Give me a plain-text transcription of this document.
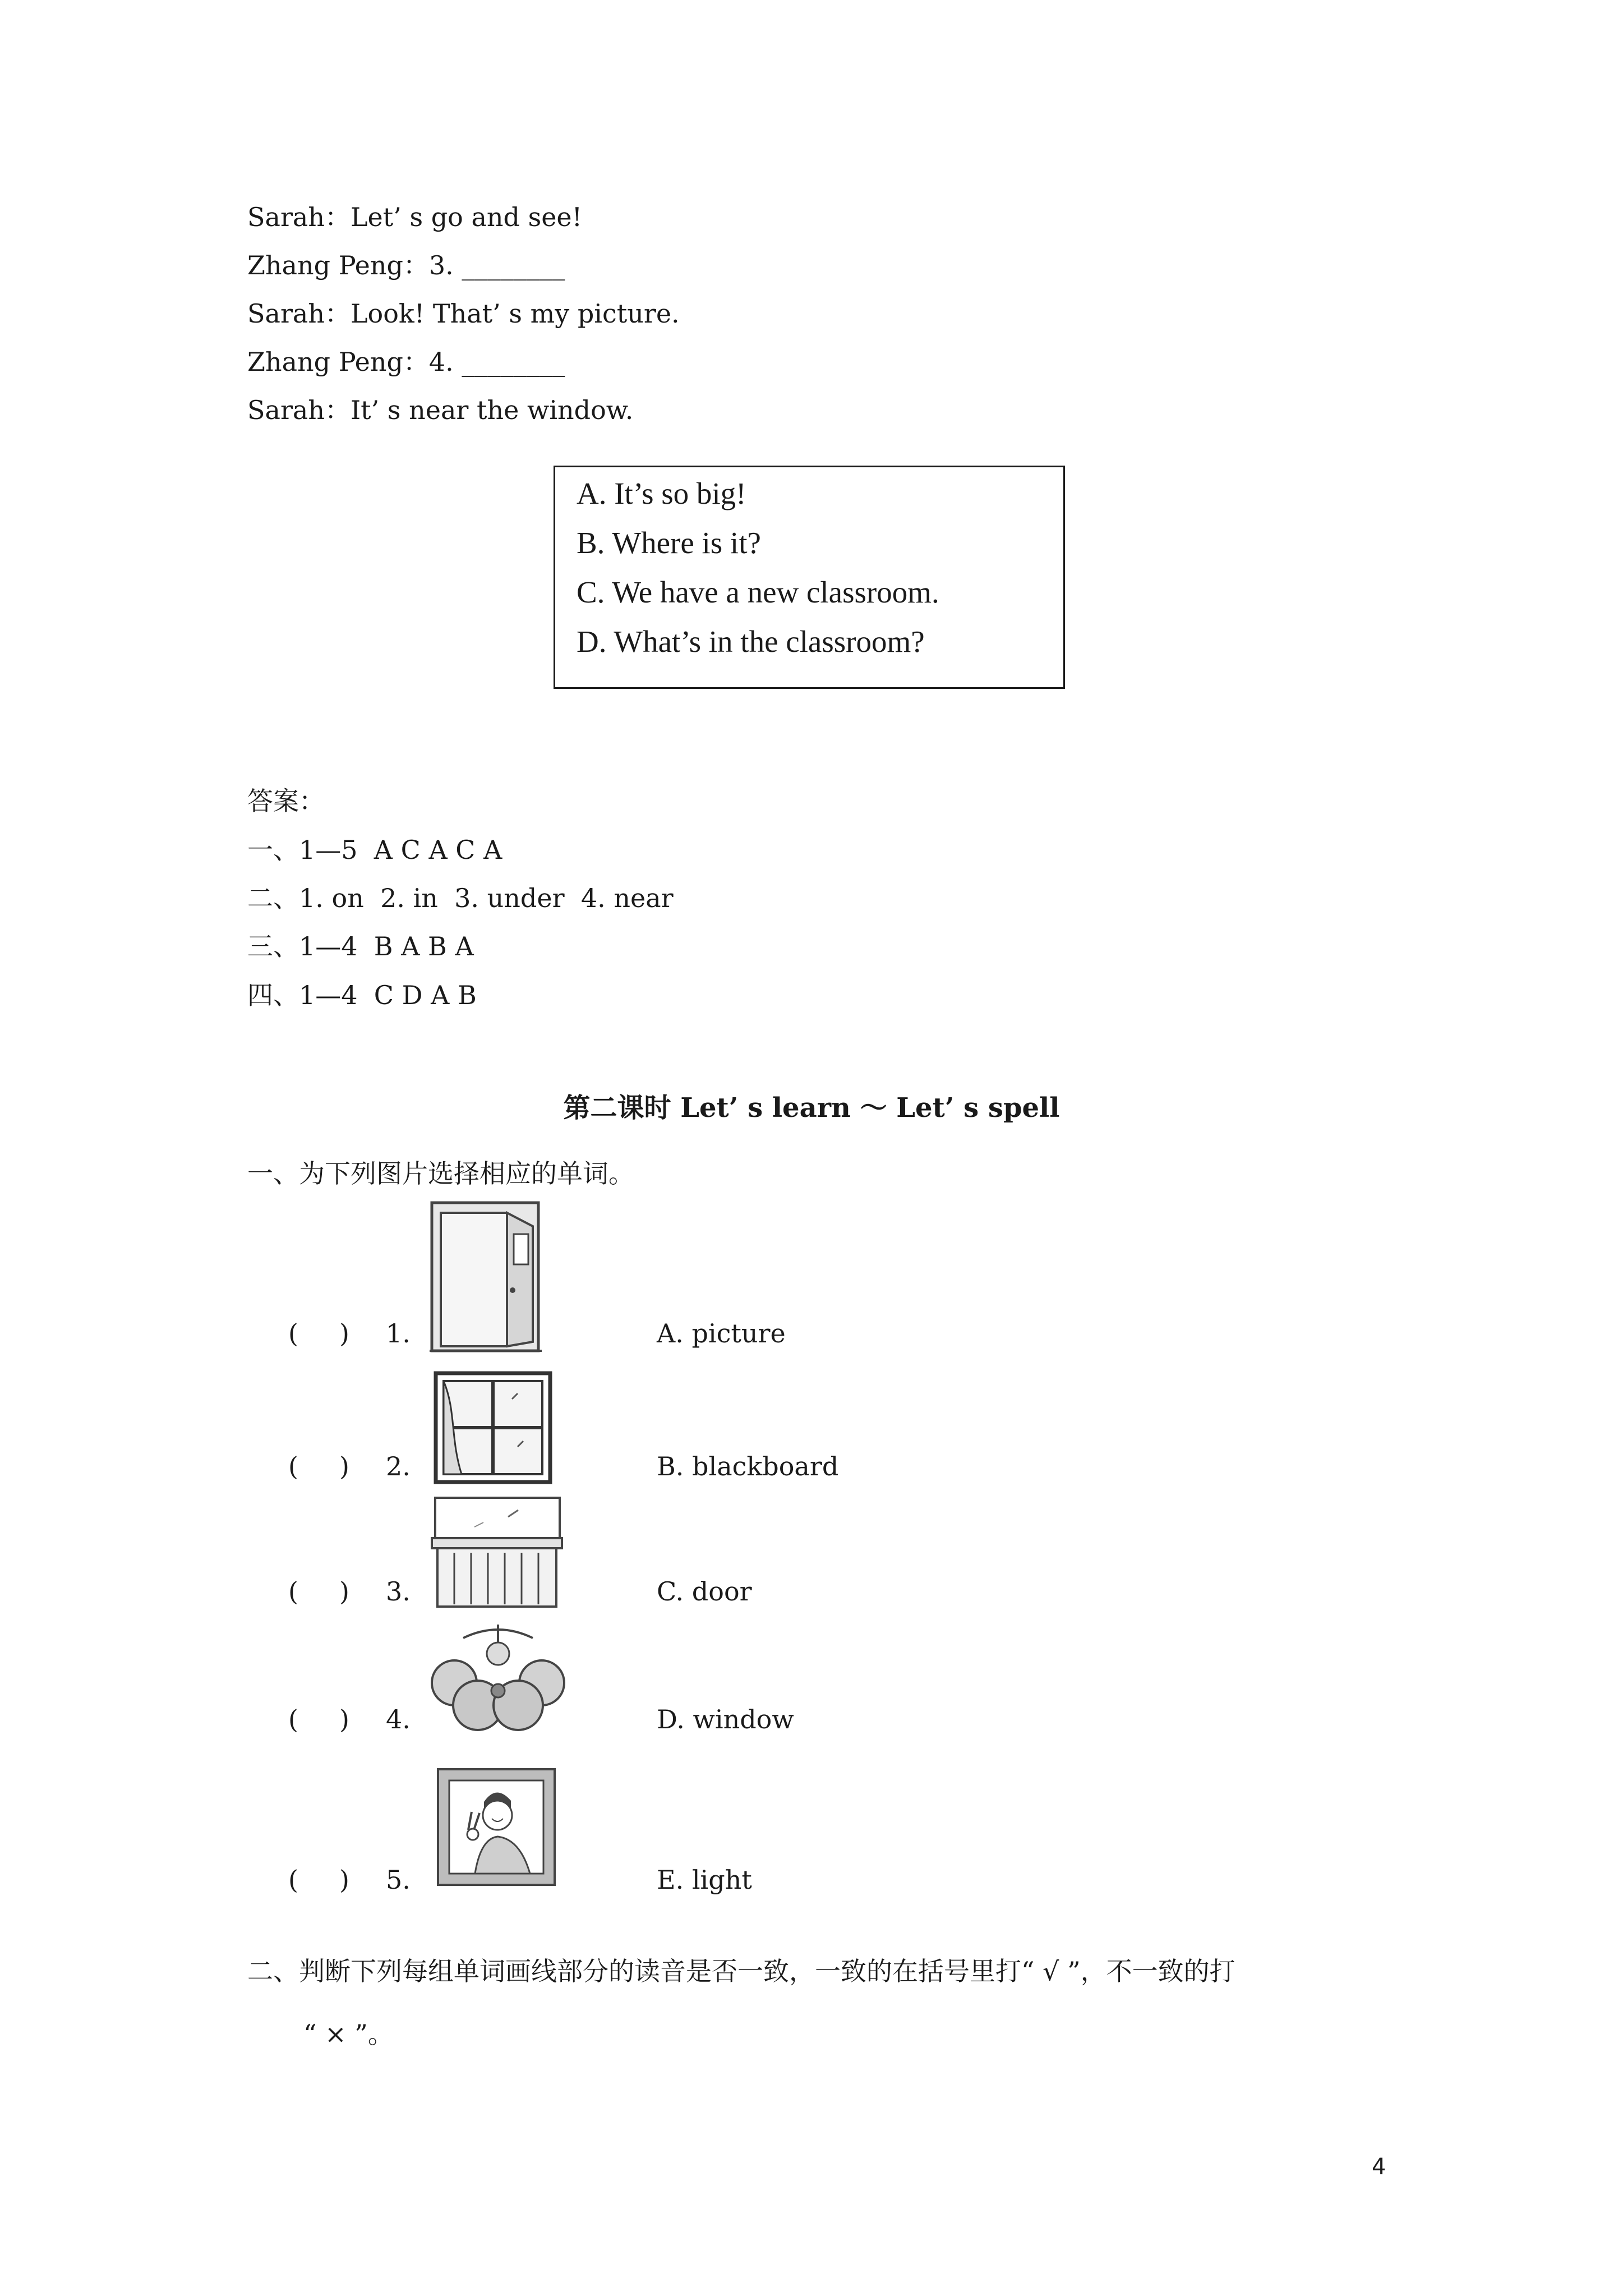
Sarah：Let’ s go and see!
Zhang Peng：3. ________
Sarah：Look! That’ s my picture.
Zhang Peng：4. ________
Sarah：It’ s near the window.
A. It’s so big!
B. Where is it?
C. We have a new classroom.
D. What’s in the classroom?
答案：
一、1—5  A C A C A
二、1. on  2. in  3. under  4. near
三、1—4  B A B A
四、1—4  C D A B
第二课时 Let’ s learn ～ Let’ s spell
一、为下列图片选择相应的单词。
(     ) 1.	A. picture
(     ) 2.	B. blackboard
(     ) 3.	C. door
(     ) 4.	D. window
(     ) 5.	E. light
二、判断下列每组单词画线部分的读音是否一致，一致的在括号里打“ √ ”，不一致的打
“ × ”。
4
